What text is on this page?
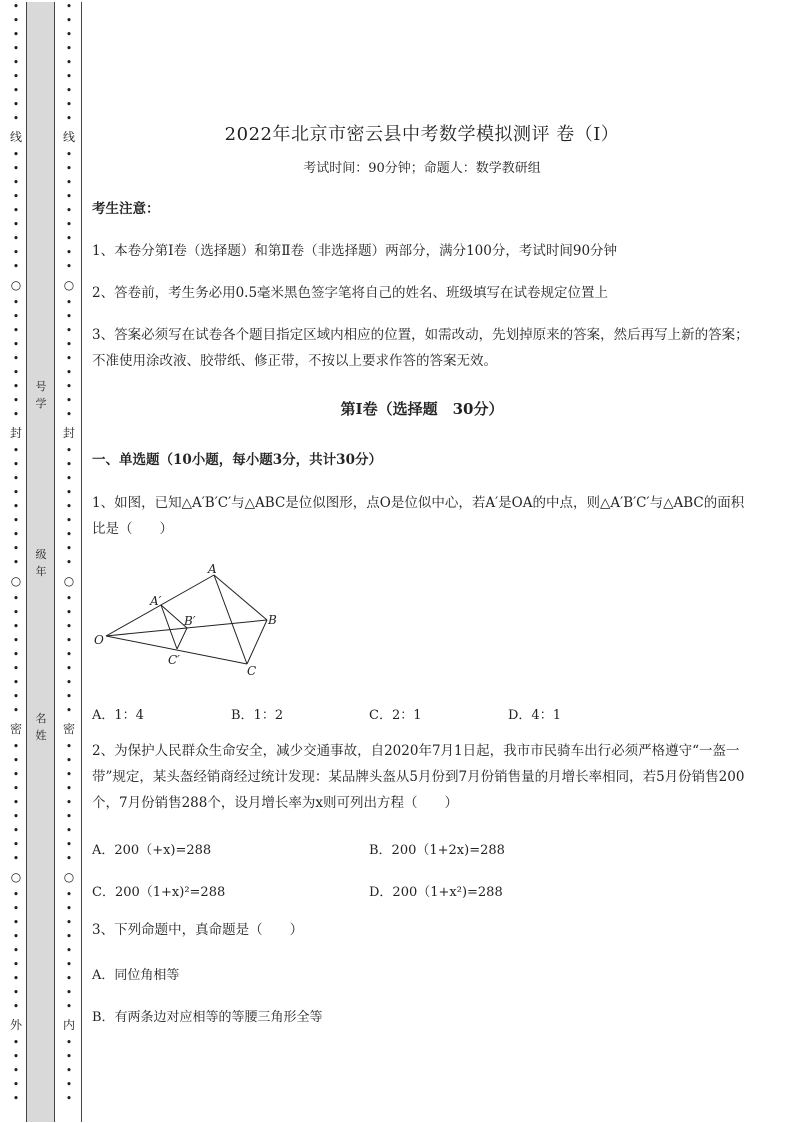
•
•
•
•
•
•
•
•
•
线
•
•
•
•
•
•
•
•
•
○
•
•
•
•
•
•
•
•
•
封
•
•
•
•
•
•
•
•
•
○
•
•
•
•
•
•
•
•
•
密
•
•
•
•
•
•
•
•
•
○
•
•
•
•
•
•
•
•
•
外
•
•
•
•
•
•
•
•
•
•
•
•
•
•
线
•
•
•
•
•
•
•
•
•
○
•
•
•
•
•
•
•
•
•
封
•
•
•
•
•
•
•
•
•
○
•
•
•
•
•
•
•
•
•
密
•
•
•
•
•
•
•
•
•
○
•
•
•
•
•
•
•
•
•
内
•
•
•
•
•
号学
级年
名姓
2022年北京市密云县中考数学模拟测评 卷（Ⅰ）
考试时间：90分钟；命题人：数学教研组
考生注意：
1、本卷分第I卷（选择题）和第Ⅱ卷（非选择题）两部分，满分100分，考试时间90分钟
2、答卷前，考生务必用0.5毫米黑色签字笔将自己的姓名、班级填写在试卷规定位置上
3、答案必须写在试卷各个题目指定区域内相应的位置，如需改动，先划掉原来的答案，然后再写上新的答案；不准使用涂改液、胶带纸、修正带，不按以上要求作答的答案无效。
第I卷（选择题　30分）
一、单选题（10小题，每小题3分，共计30分）
1、如图，已知△A′B′C′与△ABC是位似图形，点O是位似中心，若A′是OA的中点，则△A′B′C′与△ABC的面积比是（　　）
O
A
B
C
A′
B′
C′
A．1：4	B．1：2	C．2：1	D．4：1
2、为保护人民群众生命安全，减少交通事故，自2020年7月1日起，我市市民骑车出行必须严格遵守“一盔一带”规定，某头盔经销商经过统计发现：某品牌头盔从5月份到7月份销售量的月增长率相同，若5月份销售200个，7月份销售288个，设月增长率为x则可列出方程（　　）
A．200（+x)=288	B．200（1+2x)=288
C．200（1+x)²=288	D．200（1+x²)=288
3、下列命题中，真命题是（　　）
A．同位角相等
B．有两条边对应相等的等腰三角形全等
